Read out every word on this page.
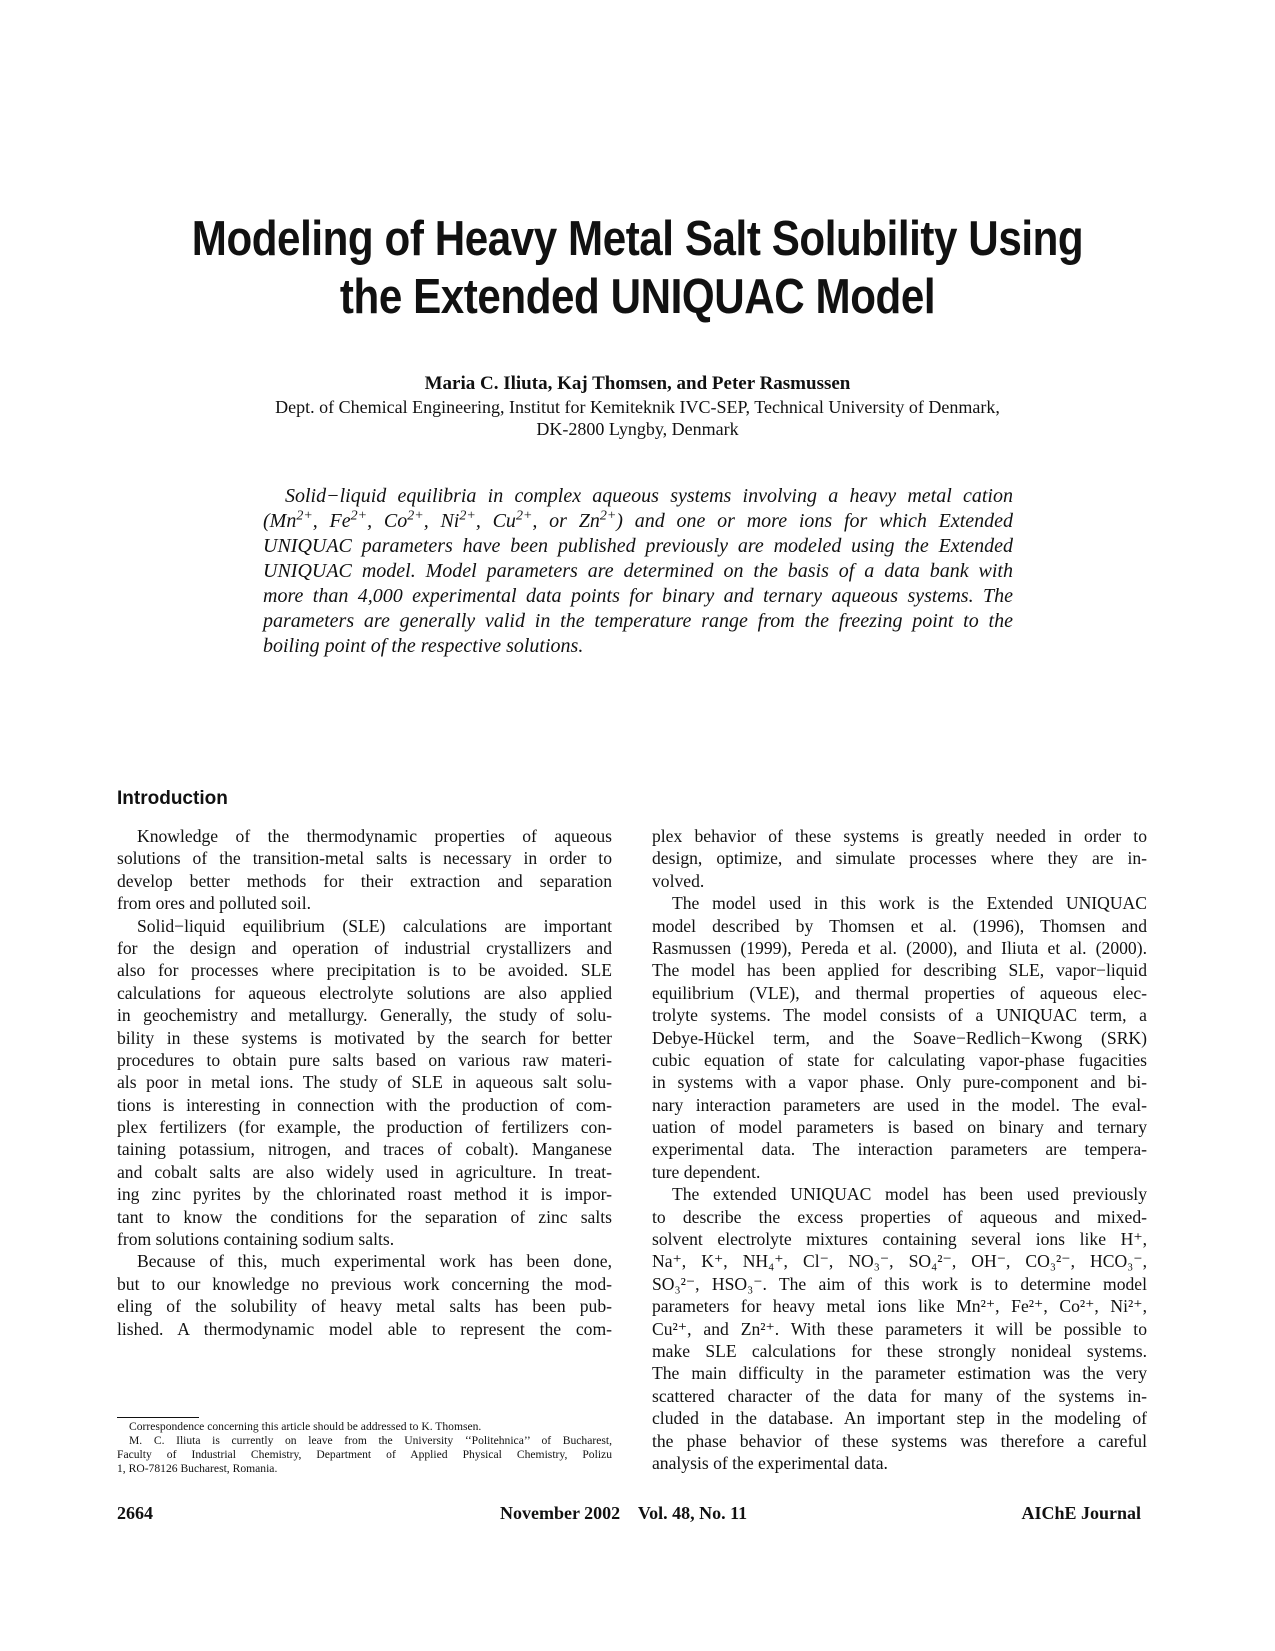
Modeling of Heavy Metal Salt Solubility Using
the Extended UNIQUAC Model
Maria C. Iliuta, Kaj Thomsen, and Peter Rasmussen
Dept. of Chemical Engineering, Institut for Kemiteknik IVC-SEP, Technical University of Denmark,
DK-2800 Lyngby, Denmark
Solid−liquid equilibria in complex aqueous systems involving a heavy metal cation
($Mn^{2+}$, $Fe^{2+}$, $Co^{2+}$, $Ni^{2+}$, $Cu^{2+}$, or $Zn^{2+}$) and one or more ions for which Extended
UNIQUAC parameters have been published previously are modeled using the Extended
UNIQUAC model. Model parameters are determined on the basis of a data bank with
more than 4,000 experimental data points for binary and ternary aqueous systems. The
parameters are generally valid in the temperature range from the freezing point to the
boiling point of the respective solutions.
Introduction
Knowledge of the thermodynamic properties of aqueous
solutions of the transition-metal salts is necessary in order to
develop better methods for their extraction and separation
from ores and polluted soil.
Solid−liquid equilibrium (SLE) calculations are important
for the design and operation of industrial crystallizers and
also for processes where precipitation is to be avoided. SLE
calculations for aqueous electrolyte solutions are also applied
in geochemistry and metallurgy. Generally, the study of solu-
bility in these systems is motivated by the search for better
procedures to obtain pure salts based on various raw materi-
als poor in metal ions. The study of SLE in aqueous salt solu-
tions is interesting in connection with the production of com-
plex fertilizers (for example, the production of fertilizers con-
taining potassium, nitrogen, and traces of cobalt). Manganese
and cobalt salts are also widely used in agriculture. In treat-
ing zinc pyrites by the chlorinated roast method it is impor-
tant to know the conditions for the separation of zinc salts
from solutions containing sodium salts.
Because of this, much experimental work has been done,
but to our knowledge no previous work concerning the mod-
eling of the solubility of heavy metal salts has been pub-
lished. A thermodynamic model able to represent the com-
plex behavior of these systems is greatly needed in order to
design, optimize, and simulate processes where they are in-
volved.
The model used in this work is the Extended UNIQUAC
model described by Thomsen et al. (1996), Thomsen and
Rasmussen (1999), Pereda et al. (2000), and Iliuta et al. (2000).
The model has been applied for describing SLE, vapor−liquid
equilibrium (VLE), and thermal properties of aqueous elec-
trolyte systems. The model consists of a UNIQUAC term, a
Debye-Hückel term, and the Soave−Redlich−Kwong (SRK)
cubic equation of state for calculating vapor-phase fugacities
in systems with a vapor phase. Only pure-component and bi-
nary interaction parameters are used in the model. The eval-
uation of model parameters is based on binary and ternary
experimental data. The interaction parameters are tempera-
ture dependent.
The extended UNIQUAC model has been used previously
to describe the excess properties of aqueous and mixed-
solvent electrolyte mixtures containing several ions like H⁺,
Na⁺, K⁺, NH₄⁺, Cl⁻, NO₃⁻, SO₄²⁻, OH⁻, CO₃²⁻, HCO₃⁻,
SO₃²⁻, HSO₃⁻. The aim of this work is to determine model
parameters for heavy metal ions like Mn²⁺, Fe²⁺, Co²⁺, Ni²⁺,
Cu²⁺, and Zn²⁺. With these parameters it will be possible to
make SLE calculations for these strongly nonideal systems.
The main difficulty in the parameter estimation was the very
scattered character of the data for many of the systems in-
cluded in the database. An important step in the modeling of
the phase behavior of these systems was therefore a careful
analysis of the experimental data.
Correspondence concerning this article should be addressed to K. Thomsen.
M. C. Iliuta is currently on leave from the University ‘‘Politehnica’’ of Bucharest,
Faculty of Industrial Chemistry, Department of Applied Physical Chemistry, Polizu
1, RO-78126 Bucharest, Romania.
2664	November 2002    Vol. 48, No. 11	AIChE Journal
